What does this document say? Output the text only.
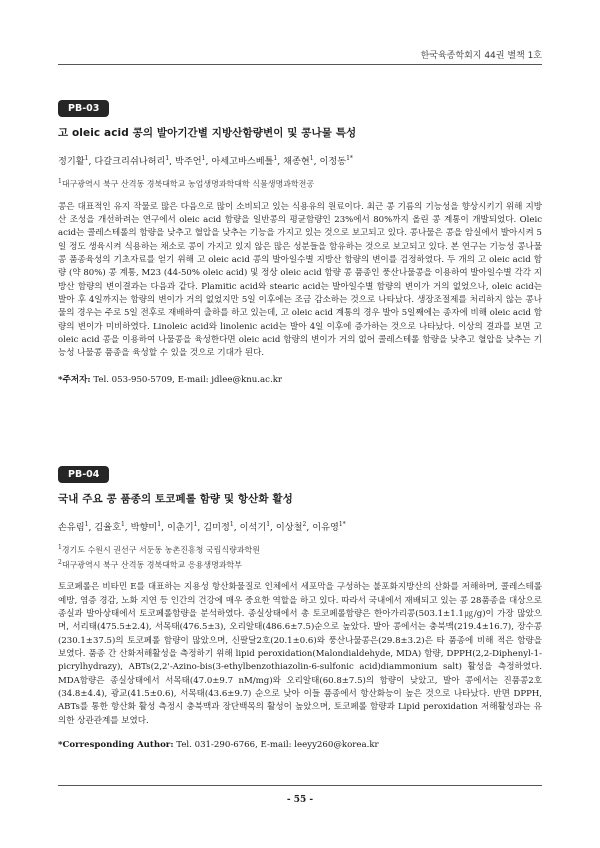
한국육종학회지 44권 별책 1호
PB-03
고 oleic acid 콩의 발아기간별 지방산함량변이 및 콩나물 특성
정기활$^1$, 다갈크리쉬나허리$^1$, 박주언$^1$, 아세고바스베틀$^1$, 채종현$^1$, 이정동$^{1*}$
$^1$대구광역시 북구 산격동 경북대학교 농업생명과학대학 식물생명과학전공
콩은 대표적인 유지 작물로 많은 다음으로 많이 소비되고 있는 식용유의 원료이다. 최근 콩 기름의 기능성을 향상시키기 위해 지방산 조성을 개선하려는 연구에서 oleic acid 함량을 일반콩의 평균함량인 23%에서 80%까지 올린 콩 계통이 개발되었다. Oleic acid는 콜레스테롤의 함량을 낮추고 혈압을 낮추는 기능을 가지고 있는 것으로 보고되고 있다. 콩나물은 콩을 암실에서 발아시켜 5일 정도 생육시켜 식용하는 채소로 콩이 가지고 있지 않은 많은 성분들을 함유하는 것으로 보고되고 있다. 본 연구는 기능성 콩나물 콩 품종육성의 기초자료를 얻기 위해 고 oleic acid 콩의 발아일수별 지방산 함량의 변이를 검정하였다. 두 개의 고 oleic acid 함량 (약 80%) 콩 계통, M23 (44-50% oleic acid) 및 정상 oleic acid 함량 콩 품종인 풍산나물콩을 이용하여 발아일수별 각각 지방산 함량의 변이결과는 다음과 같다. Plamitic acid와 stearic acid는 발아일수별 함량의 변이가 거의 없었으나, oleic acid는 발아 후 4일까지는 함량의 변이가 거의 없었지만 5일 이후에는 조금 감소하는 것으로 나타났다. 생장조절제를 처리하지 않는 콩나물의 경우는 주로 5일 전후로 재배하여 출하를 하고 있는데, 고 oleic acid 계통의 경우 발아 5일째에는 종자에 비해 oleic acid 함량의 변이가 미비하였다. Linoleic acid와 linolenic acid는 발아 4일 이후에 증가하는 것으로 나타났다. 이상의 결과를 보면 고 oleic acid 콩을 이용하여 나물콩을 육성한다면 oleic acid 함량의 변이가 거의 없어 콜레스테롤 함량을 낮추고 혈압을 낮추는 기능성 나물콩 품종을 육성할 수 있을 것으로 기대가 된다.
*주저자: Tel. 053-950-5709, E-mail: jdlee@knu.ac.kr
PB-04
국내 주요 콩 품종의 토코페롤 함량 및 항산화 활성
손유림$^1$, 김율호$^1$, 박향미$^1$, 이춘기$^1$, 김미정$^1$, 이석기$^1$, 이상철$^2$, 이유영$^{1*}$
$^1$경기도 수원시 권선구 서둔동 농촌진흥청 국립식량과학원
$^2$대구광역시 북구 산격동 경북대학교 응용생명과학부
토코페롤은 비타민 E를 대표하는 지용성 항산화물질로 인체에서 세포막을 구성하는 불포화지방산의 산화를 저해하며, 콜레스테롤 예방, 염증 경감, 노화 지연 등 인간의 건강에 매우 중요한 역할을 하고 있다. 따라서 국내에서 재배되고 있는 콩 28품종을 대상으로 종실과 발아상태에서 토코페롤함량을 분석하였다. 종실상태에서 총 토코페롤함량은 한아가리콩(503.1±1.1㎍/g)이 가장 많았으며, 서리태(475.5±2.4), 서목태(476.5±3), 오리알태(486.6±7.5)순으로 높았다. 발아 콩에서는 충북맥(219.4±16.7), 장수콩(230.1±37.5)의 토코페롤 함량이 많았으며, 신팔달2호(20.1±0.6)와 풍산나물콩은(29.8±3.2)은 타 품종에 비해 적은 함량을 보였다. 품종 간 산화저해활성을 측정하기 위해 lipid peroxidation(Malondialdehyde, MDA) 함량, DPPH(2,2-Diphenyl-1-picrylhydrazy), ABTs(2,2'-Azino-bis(3-ethylbenzothiazolin-6-sulfonic acid)diammonium salt) 활성을 측정하였다. MDA함량은 종실상태에서 서목태(47.0±9.7 nM/mg)와 오리알태(60.8±7.5)의 함량이 낮았고, 발아 콩에서는 진품콩2호(34.8±4.4), 광교(41.5±0.6), 서목태(43.6±9.7) 순으로 낮아 이들 품종에서 항산화능이 높은 것으로 나타났다. 반면 DPPH, ABTs를 통한 항산화 활성 측정시 충북맥과 장단백목의 활성이 높았으며, 토코페롤 함량과 Lipid peroxidation 저해활성과는 유의한 상관관계를 보였다.
*Corresponding Author: Tel. 031-290-6766, E-mail: leeyy260@korea.kr
- 55 -
